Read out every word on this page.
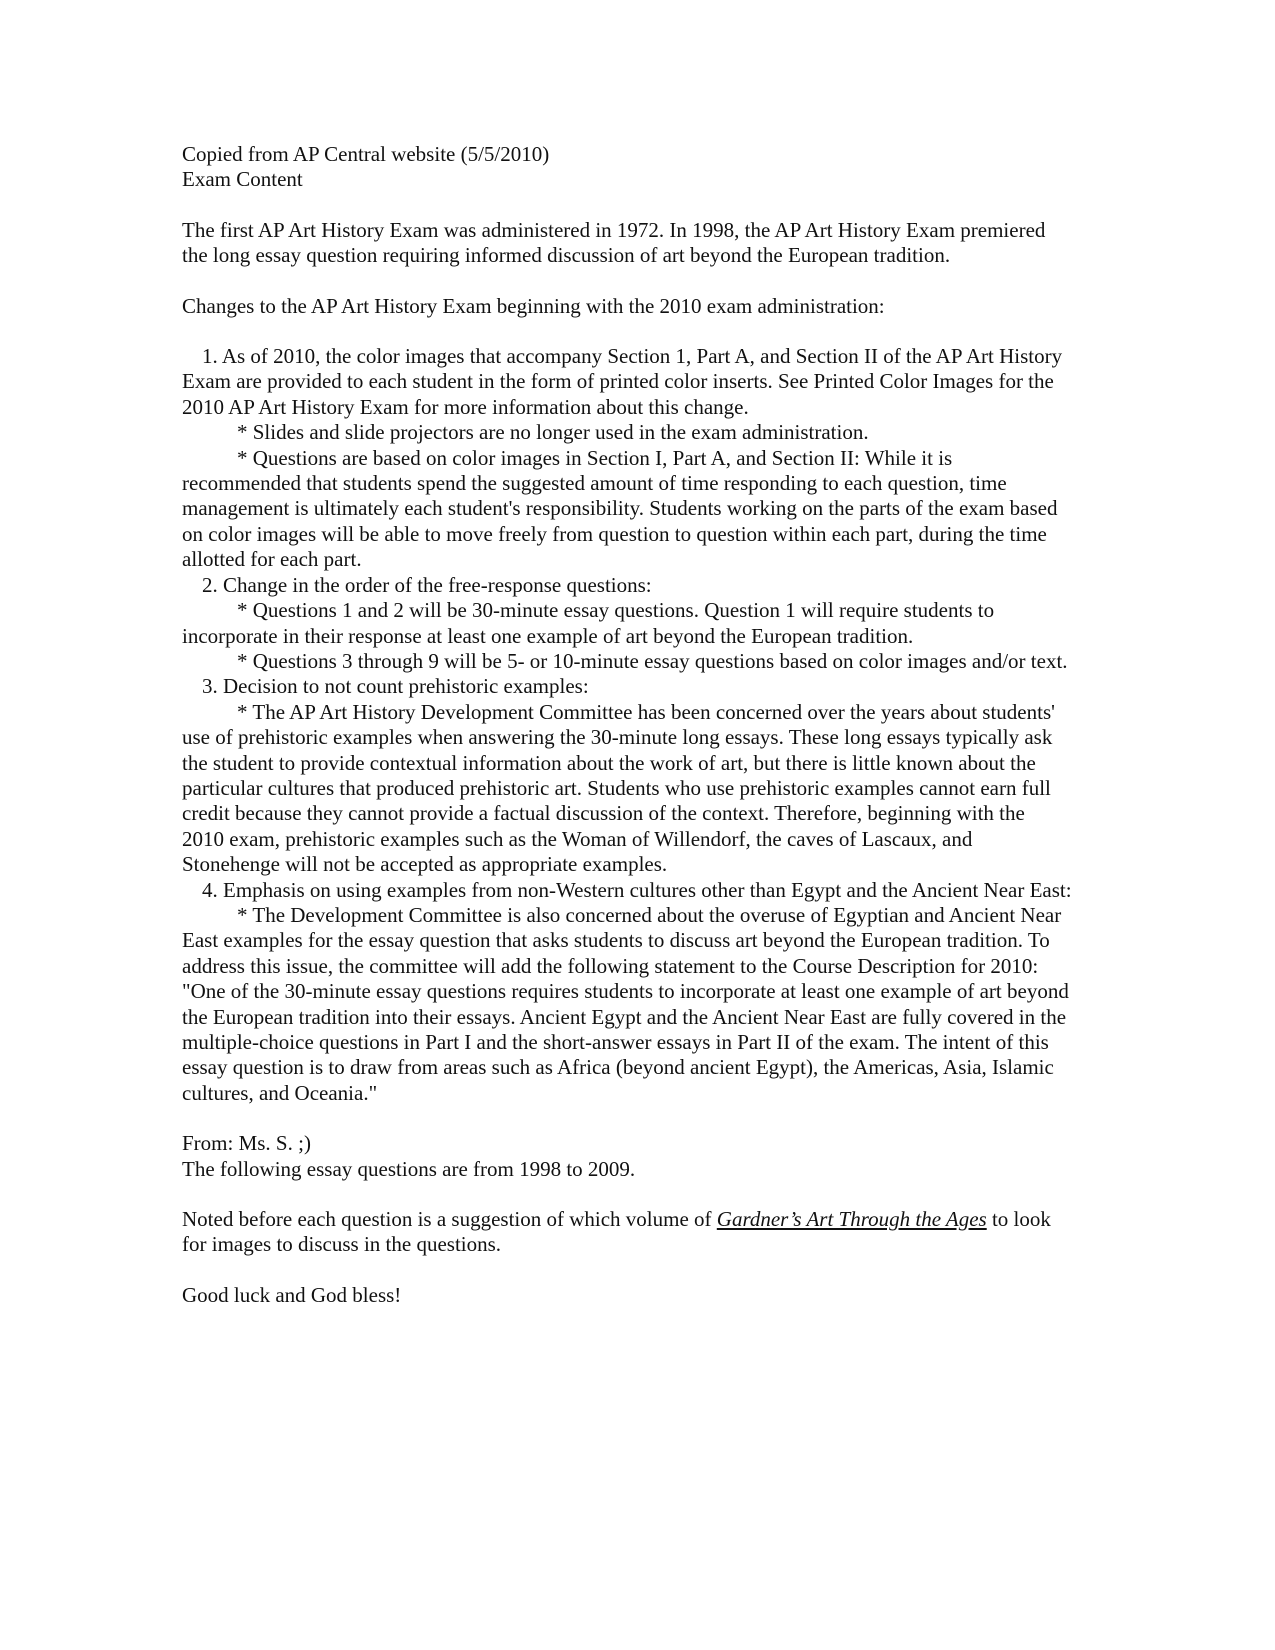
Copied from AP Central website (5/5/2010)

Exam Content

The first AP Art History Exam was administered in 1972. In 1998, the AP Art History Exam premiered the long essay question requiring informed discussion of art beyond the European tradition.

Changes to the AP Art History Exam beginning with the 2010 exam administration:

1. As of 2010, the color images that accompany Section 1, Part A, and Section II of the AP Art History Exam are provided to each student in the form of printed color inserts. See Printed Color Images for the 2010 AP Art History Exam for more information about this change.

* Slides and slide projectors are no longer used in the exam administration.

* Questions are based on color images in Section I, Part A, and Section II: While it is recommended that students spend the suggested amount of time responding to each question, time management is ultimately each student's responsibility. Students working on the parts of the exam based on color images will be able to move freely from question to question within each part, during the time allotted for each part.

2. Change in the order of the free-response questions:

* Questions 1 and 2 will be 30-minute essay questions. Question 1 will require students to incorporate in their response at least one example of art beyond the European tradition.

* Questions 3 through 9 will be 5- or 10-minute essay questions based on color images and/or text.

3. Decision to not count prehistoric examples:

* The AP Art History Development Committee has been concerned over the years about students' use of prehistoric examples when answering the 30-minute long essays. These long essays typically ask the student to provide contextual information about the work of art, but there is little known about the particular cultures that produced prehistoric art. Students who use prehistoric examples cannot earn full credit because they cannot provide a factual discussion of the context. Therefore, beginning with the 2010 exam, prehistoric examples such as the Woman of Willendorf, the caves of Lascaux, and Stonehenge will not be accepted as appropriate examples.

4. Emphasis on using examples from non-Western cultures other than Egypt and the Ancient Near East:

* The Development Committee is also concerned about the overuse of Egyptian and Ancient Near East examples for the essay question that asks students to discuss art beyond the European tradition. To address this issue, the committee will add the following statement to the Course Description for 2010: "One of the 30-minute essay questions requires students to incorporate at least one example of art beyond the European tradition into their essays. Ancient Egypt and the Ancient Near East are fully covered in the multiple-choice questions in Part I and the short-answer essays in Part II of the exam. The intent of this essay question is to draw from areas such as Africa (beyond ancient Egypt), the Americas, Asia, Islamic cultures, and Oceania."

From: Ms. S. ;)

The following essay questions are from 1998 to 2009.

Noted before each question is a suggestion of which volume of Gardner’s Art Through the Ages to look for images to discuss in the questions.

Good luck and God bless!
